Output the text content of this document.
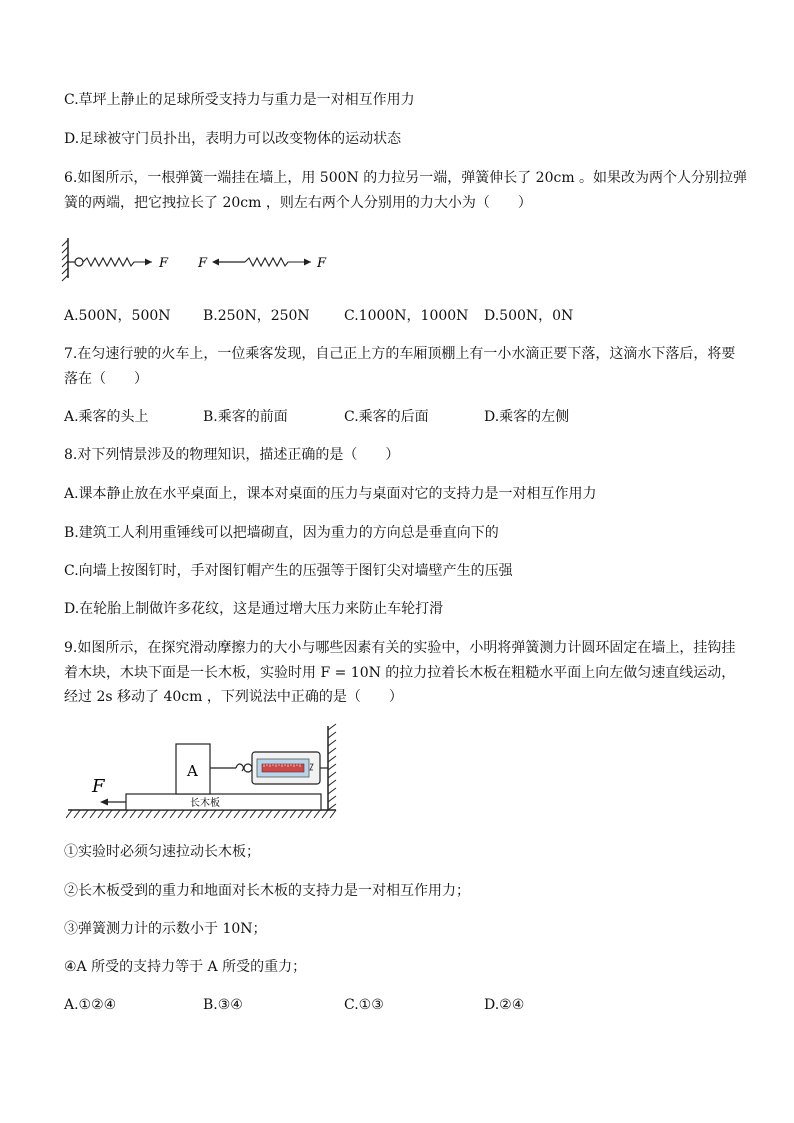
C.草坪上静止的足球所受支持力与重力是一对相互作用力
D.足球被守门员扑出，表明力可以改变物体的运动状态
6.如图所示，一根弹簧一端挂在墙上，用 500N 的力拉另一端，弹簧伸长了 20cm 。如果改为两个人分别拉弹
簧的两端，把它拽拉长了 20cm ，则左右两个人分别用的力大小为（　　）
F F	F
A.500N，500N B.250N，250N C.1000N，1000N D.500N，0N
7.在匀速行驶的火车上，一位乘客发现，自己正上方的车厢顶棚上有一小水滴正要下落，这滴水下落后，将要
落在（　　）
A.乘客的头上	B.乘客的前面	C.乘客的后面	D.乘客的左侧
8.对下列情景涉及的物理知识，描述正确的是（　　）
A.课本静止放在水平桌面上，课本对桌面的压力与桌面对它的支持力是一对相互作用力
B.建筑工人利用重锤线可以把墙砌直，因为重力的方向总是垂直向下的
C.向墙上按图钉时，手对图钉帽产生的压强等于图钉尖对墙壁产生的压强
D.在轮胎上制做许多花纹，这是通过增大压力来防止车轮打滑
9.如图所示，在探究滑动摩擦力的大小与哪些因素有关的实验中，小明将弹簧测力计圆环固定在墙上，挂钩挂
着木块，木块下面是一长木板，实验时用 F = 10N 的拉力拉着长木板在粗糙水平面上向左做匀速直线运动，
经过 2s 移动了 40cm ，下列说法中正确的是（　　）
长木板
A
F
①实验时必须匀速拉动长木板；
②长木板受到的重力和地面对长木板的支持力是一对相互作用力；
③弹簧测力计的示数小于 10N；
④A 所受的支持力等于 A 所受的重力；
A.①②④	B.③④	C.①③	D.②④
